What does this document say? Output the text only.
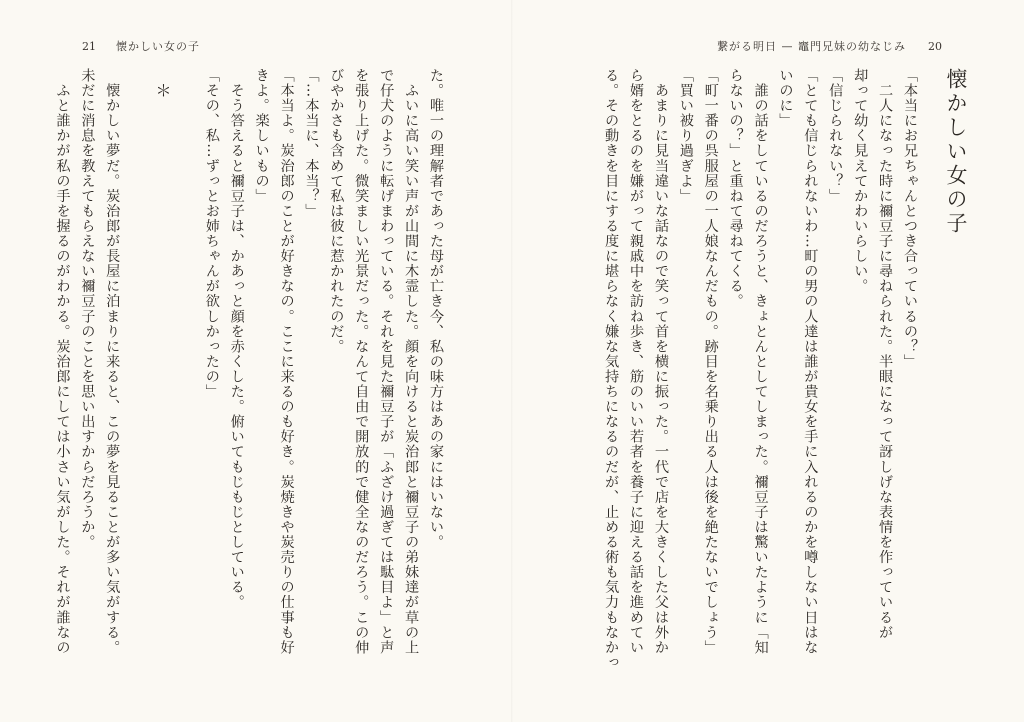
21 懐かしい女の子	繋がる明日 — 竈門兄妹の幼なじみ 20
懐かしい女の子
「本当にお兄ちゃんとつき合っているの？」
　二人になった時に禰豆子に尋ねられた。半眼になって訝しげな表情を作っているが
却って幼く見えてかわいらしい。
「信じられない？」
「とても信じられないわ…町の男の人達は誰が貴女を手に入れるのかを噂しない日はな
いのに」
　誰の話をしているのだろうと、きょとんとしてしまった。禰豆子は驚いたように「知
らないの？」と重ねて尋ねてくる。
「町一番の呉服屋の一人娘なんだもの。跡目を名乗り出る人は後を絶たないでしょう」
「買い被り過ぎよ」
　あまりに見当違いな話なので笑って首を横に振った。一代で店を大きくした父は外か
ら婿をとるのを嫌がって親戚中を訪ね歩き、筋のいい若者を養子に迎える話を進めてい
る。その動きを目にする度に堪らなく嫌な気持ちになるのだが、止める術も気力もなかっ
た。唯一の理解者であった母が亡き今、私の味方はあの家にはいない。
　ふいに高い笑い声が山間に木霊した。顔を向けると炭治郎と禰豆子の弟妹達が草の上
で仔犬のように転げまわっている。それを見た禰豆子が「ふざけ過ぎては駄目よ」と声
を張り上げた。微笑ましい光景だった。なんて自由で開放的で健全なのだろう。この伸
びやかさも含めて私は彼に惹かれたのだ。
「…本当に、本当？」
「本当よ。炭治郎のことが好きなの。ここに来るのも好き。炭焼きや炭売りの仕事も好
きよ。楽しいもの」
　そう答えると禰豆子は、かあっと顔を赤くした。俯いてもじもじとしている。
「その、私…ずっとお姉ちゃんが欲しかったの」
＊
　懐かしい夢だ。炭治郎が長屋に泊まりに来ると、この夢を見ることが多い気がする。
未だに消息を教えてもらえない禰豆子のことを思い出すからだろうか。
　ふと誰かが私の手を握るのがわかる。炭治郎にしては小さい気がした。それが誰なの
